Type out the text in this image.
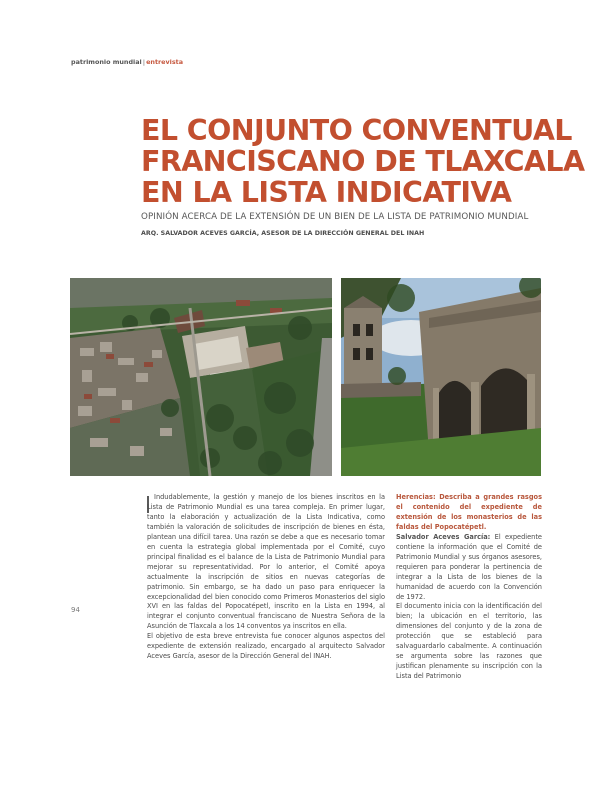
patrimonio mundial|entrevista
EL CONJUNTO CONVENTUAL
FRANCISCANO DE TLAXCALA
EN LA LISTA INDICATIVA
OPINIÓN ACERCA DE LA EXTENSIÓN DE UN BIEN DE LA LISTA DE PATRIMONIO MUNDIAL
ARQ. SALVADOR ACEVES GARCÍA, ASESOR DE LA DIRECCIÓN GENERAL DEL INAH
94

Indudablemente, la gestión y manejo de los bienes inscritos en la Lista de Patrimonio Mundial es una tarea compleja. En primer lugar, tanto la elaboración y actualización de la Lista Indicativa, como también la valoración de solicitudes de inscripción de bienes en ésta, plantean una difícil tarea. Una razón se debe a que es necesario tomar en cuenta la estrategia global implementada por el Comité, cuyo principal finalidad es el balance de la Lista de Patrimonio Mundial para mejorar su representatividad. Por lo anterior, el Comité apoya actualmente la inscripción de sitios en nuevas categorías de patrimonio. Sin embargo, se ha dado un paso para enriquecer la excepcionalidad del bien conocido como Primeros Monasterios del siglo XVI en las faldas del Popocatépetl, inscrito en la Lista en 1994, al integrar el conjunto conventual franciscano de Nuestra Señora de la Asunción de Tlaxcala a los 14 conventos ya inscritos en ella.

El objetivo de esta breve entrevista fue conocer algunos aspectos del expediente de extensión realizado, encargado al arquitecto Salvador Aceves García, asesor de la Dirección General del INAH.

Herencias: Describa a grandes rasgos el contenido del expediente de extensión de los monasterios de las faldas del Popocatépetl.

Salvador Aceves García: El expediente contiene la información que el Comité de Patrimonio Mundial y sus órganos asesores, requieren para ponderar la pertinencia de integrar a la Lista de los bienes de la humanidad de acuerdo con la Convención de 1972.

El documento inicia con la identificación del bien; la ubicación en el territorio, las dimensiones del conjunto y de la zona de protección que se estableció para salvaguardarlo cabalmente. A continuación se argumenta sobre las razones que justifican plenamente su inscripción con la Lista del Patrimonio
